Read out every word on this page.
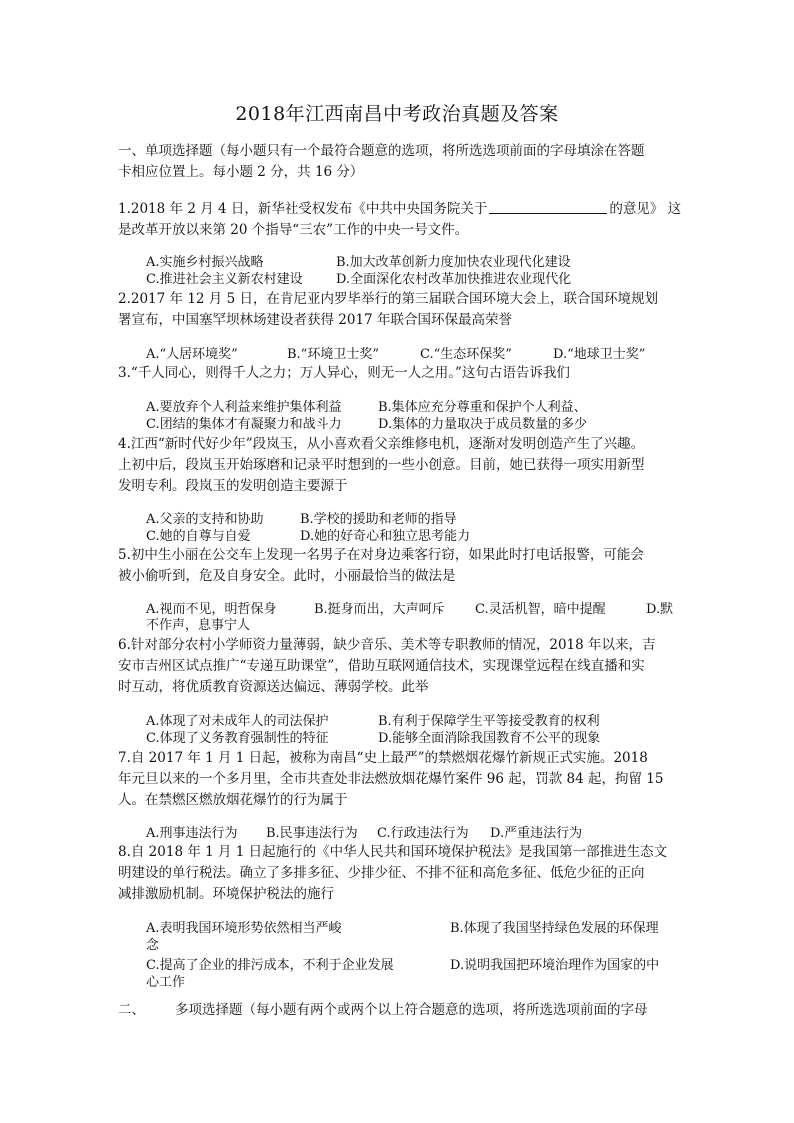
2018年江西南昌中考政治真题及答案
一、单项选择题（每小题只有一个最符合题意的选项，将所选选项前面的字母填涂在答题
卡相应位置上。每小题 2 分，共 16 分）
1.2018 年 2 月 4 日，新华社受权发布《中共中央国务院关于	的意见》 这
是改革开放以来第 20 个指导“三农”工作的中央一号文件。
A.实施乡村振兴战略	B.加大改革创新力度加快农业现代化建设
C.推进社会主义新农村建设	D.全面深化农村改革加快推进农业现代化
2.2017 年 12 月 5 日，在肯尼亚内罗毕举行的第三届联合国环境大会上，联合国环境规划
署宣布，中国塞罕坝林场建设者获得 2017 年联合国环保最高荣誉
A.“人居环境奖”	B.“环境卫士奖”	C.“生态环保奖”	D.“地球卫士奖”
3.“千人同心，则得千人之力；万人异心，则无一人之用。”这句古语告诉我们
A.要放弃个人利益来维护集体利益	B.集体应充分尊重和保护个人利益、
C.团结的集体才有凝聚力和战斗力	D.集体的力量取决于成员数量的多少
4.江西“新时代好少年”段岚玉，从小喜欢看父亲维修电机，逐渐对发明创造产生了兴趣。
上初中后，段岚玉开始琢磨和记录平时想到的一些小创意。目前，她已获得一项实用新型
发明专利。段岚玉的发明创造主要源于
A.父亲的支持和协助	B.学校的援助和老师的指导
C.她的自尊与自爱	D.她的好奇心和独立思考能力
5.初中生小丽在公交车上发现一名男子在对身边乘客行窃，如果此时打电话报警，可能会
被小偷听到，危及自身安全。此时，小丽最恰当的做法是
A.视而不见，明哲保身	B.挺身而出，大声呵斥 C.灵活机智，暗中提醒	D.默
不作声，息事宁人
6.针对部分农村小学师资力量薄弱，缺少音乐、美术等专职教师的情况，2018 年以来，吉
安市吉州区试点推广“专递互助课堂”，借助互联网通信技术，实现课堂远程在线直播和实
时互动，将优质教育资源送达偏远、薄弱学校。此举
A.体现了对未成年人的司法保护	B.有利于保障学生平等接受教育的权利
C.体现了义务教育强制性的特征	D.能够全面消除我国教育不公平的现象
7.自 2017 年 1 月 1 日起，被称为南昌“史上最严”的禁燃烟花爆竹新规正式实施。2018
年元旦以来的一个多月里，全市共查处非法燃放烟花爆竹案件 96 起，罚款 84 起，拘留 15
人。在禁燃区燃放烟花爆竹的行为属于
A.刑事违法行为 B.民事违法行为 C.行政违法行为 D.严重违法行为
8.自 2018 年 1 月 1 日起施行的《中华人民共和国环境保护税法》是我国第一部推进生态文
明建设的单行税法。确立了多排多征、少排少征、不排不征和高危多征、低危少征的正向
减排激励机制。环境保护税法的施行
A.表明我国环境形势依然相当严峻	B.体现了我国坚持绿色发展的环保理
念
C.提高了企业的排污成本，不利于企业发展	D.说明我国把环境治理作为国家的中
心工作
二、	多项选择题（每小题有两个或两个以上符合题意的选项，将所选选项前面的字母
